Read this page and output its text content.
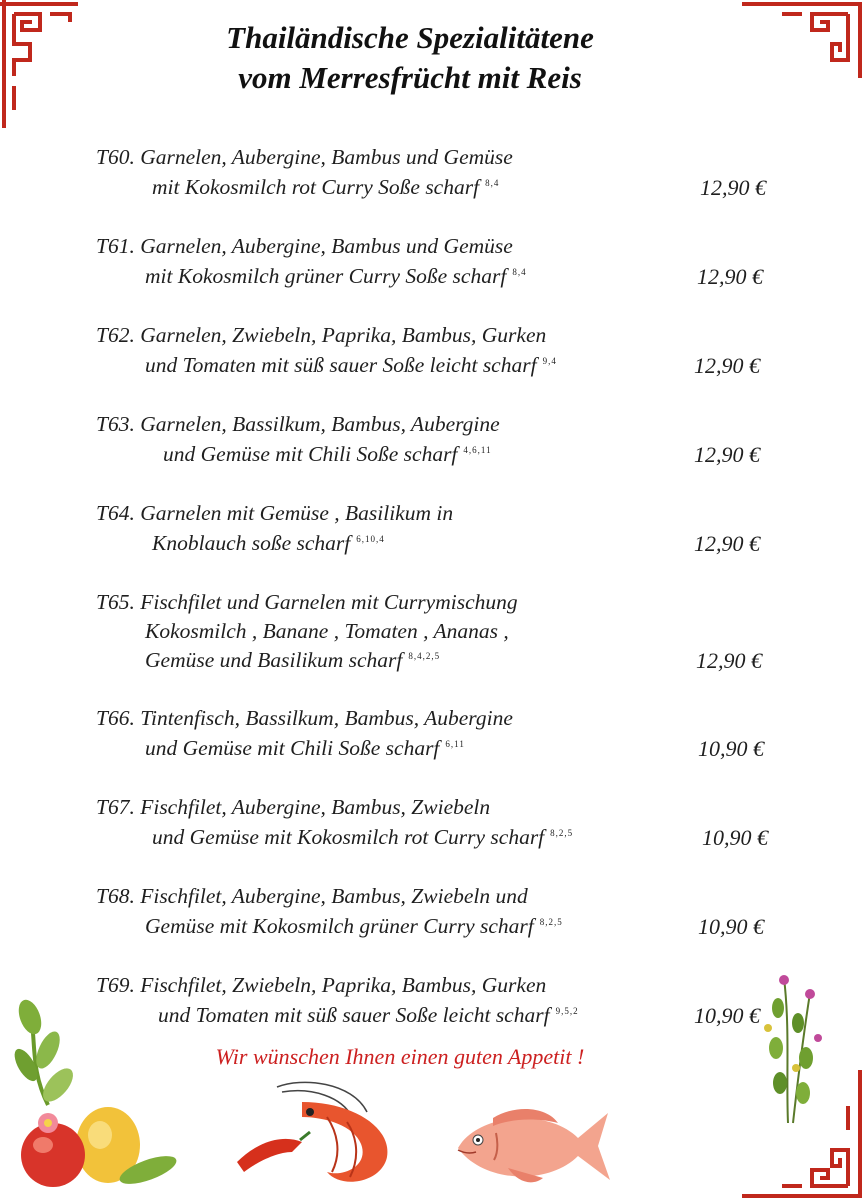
Thailändische Spezialitätene
vom Merresfrücht mit Reis
T60. Garnelen, Aubergine, Bambus und Gemüse
mit Kokosmilch rot Curry Soße scharf $^{8,4}$	12,90 €
T61. Garnelen, Aubergine, Bambus und Gemüse
mit Kokosmilch grüner Curry Soße scharf $^{8,4}$	12,90 €
T62. Garnelen, Zwiebeln, Paprika, Bambus, Gurken
und Tomaten mit süß sauer Soße leicht scharf $^{9,4}$	12,90 €
T63. Garnelen, Bassilkum, Bambus, Aubergine
und Gemüse mit Chili Soße scharf $^{4,6,11}$	12,90 €
T64. Garnelen mit Gemüse , Basilikum in
Knoblauch soße scharf $^{6,10,4}$	12,90 €
T65. Fischfilet und Garnelen mit Currymischung
Kokosmilch , Banane , Tomaten , Ananas ,
Gemüse und Basilikum scharf $^{8,4,2,5}$	12,90 €
T66. Tintenfisch, Bassilkum, Bambus, Aubergine
und Gemüse mit Chili Soße scharf $^{6,11}$	10,90 €
T67. Fischfilet, Aubergine, Bambus, Zwiebeln
und Gemüse mit Kokosmilch rot Curry scharf $^{8,2,5}$	10,90 €
T68. Fischfilet, Aubergine, Bambus, Zwiebeln und
Gemüse mit Kokosmilch grüner Curry scharf $^{8,2,5}$	10,90 €
T69. Fischfilet, Zwiebeln, Paprika, Bambus, Gurken
und Tomaten mit süß sauer Soße leicht scharf $^{9,5,2}$	10,90 €
Wir wünschen Ihnen einen guten Appetit !
